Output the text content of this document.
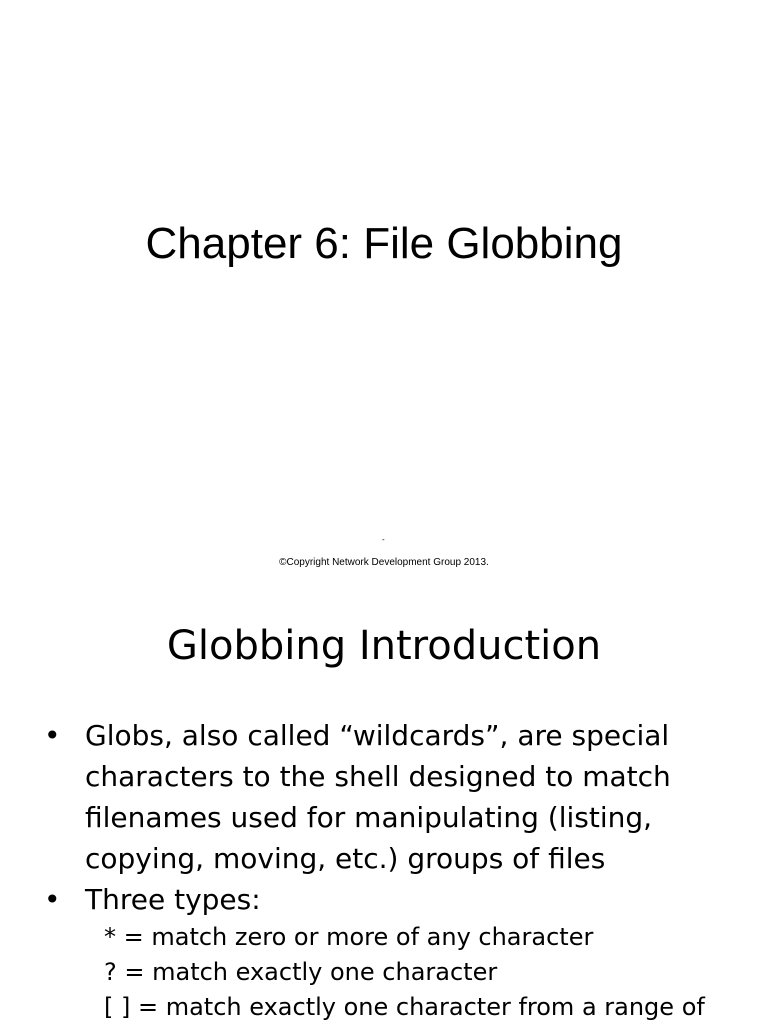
Chapter 6: File Globbing
-
©Copyright Network Development Group 2013.
Globbing Introduction
• Globs, also called “wildcards”, are special
characters to the shell designed to match
filenames used for manipulating (listing,
copying, moving, etc.) groups of files
• Three types:
* = match zero or more of any character
? = match exactly one character
[ ] = match exactly one character from a range of
